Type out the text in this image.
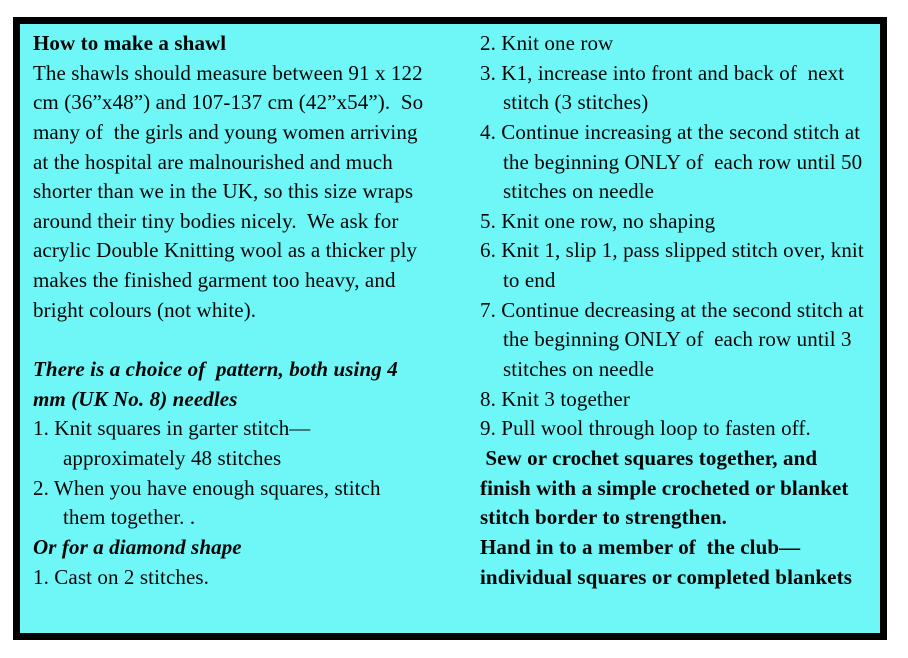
How to make a shawl
The shawls should measure between 91 x 122
cm (36”x48”) and 107-137 cm (42”x54”).  So
many of  the girls and young women arriving
at the hospital are malnourished and much
shorter than we in the UK, so this size wraps
around their tiny bodies nicely.  We ask for
acrylic Double Knitting wool as a thicker ply
makes the finished garment too heavy, and
bright colours (not white).
There is a choice of  pattern, both using 4
mm (UK No. 8) needles
1. Knit squares in garter stitch—
approximately 48 stitches
2. When you have enough squares, stitch
them together. .
Or for a diamond shape
1. Cast on 2 stitches.
2. Knit one row
3. K1, increase into front and back of  next
stitch (3 stitches)
4. Continue increasing at the second stitch at
the beginning ONLY of  each row until 50
stitches on needle
5. Knit one row, no shaping
6. Knit 1, slip 1, pass slipped stitch over, knit
to end
7. Continue decreasing at the second stitch at
the beginning ONLY of  each row until 3
stitches on needle
8. Knit 3 together
9. Pull wool through loop to fasten off.
Sew or crochet squares together, and
finish with a simple crocheted or blanket
stitch border to strengthen.
Hand in to a member of  the club—
individual squares or completed blankets
